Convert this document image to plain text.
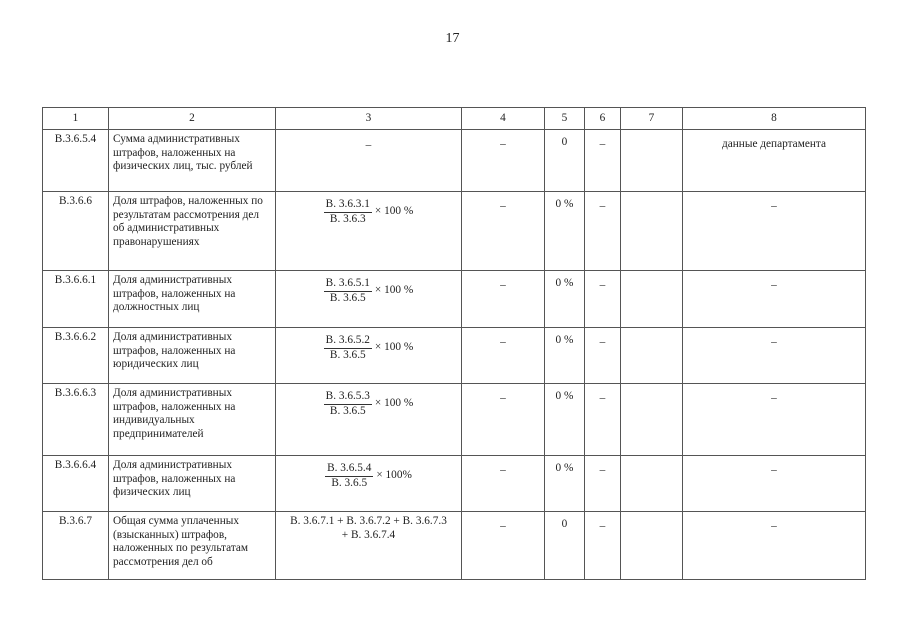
17
1	2	3	4	5	6	7	8
В.3.6.5.4	Сумма административных штрафов, наложенных на физических лиц, тыс. рублей	–	–	0	–		данные департамента
В.3.6.6	Доля штрафов, наложенных по результатам рассмотрения дел об административных правонарушениях	$\frac{В. 3.6.3.1}{В. 3.6.3} \times 100$ %	–	0 %	–		–
В.3.6.6.1	Доля административных штрафов, наложенных на должностных лиц	$\frac{В. 3.6.5.1}{В. 3.6.5} \times 100$ %	–	0 %	–		–
В.3.6.6.2	Доля административных штрафов, наложенных на юридических лиц	$\frac{В. 3.6.5.2}{В. 3.6.5} \times 100$ %	–	0 %	–		–
В.3.6.6.3	Доля административных штрафов, наложенных на индивидуальных предпринимателей	$\frac{В. 3.6.5.3}{В. 3.6.5} \times 100$ %	–	0 %	–		–
В.3.6.6.4	Доля административных штрафов, наложенных на физических лиц	$\frac{В. 3.6.5.4}{В. 3.6.5} \times 100\%$	–	0 %	–		–
В.3.6.7	Общая сумма уплаченных (взысканных) штрафов, наложенных по результатам рассмотрения дел об	В. 3.6.7.1 + В. 3.6.7.2 + В. 3.6.7.3 + В. 3.6.7.4	–	0	–		–
